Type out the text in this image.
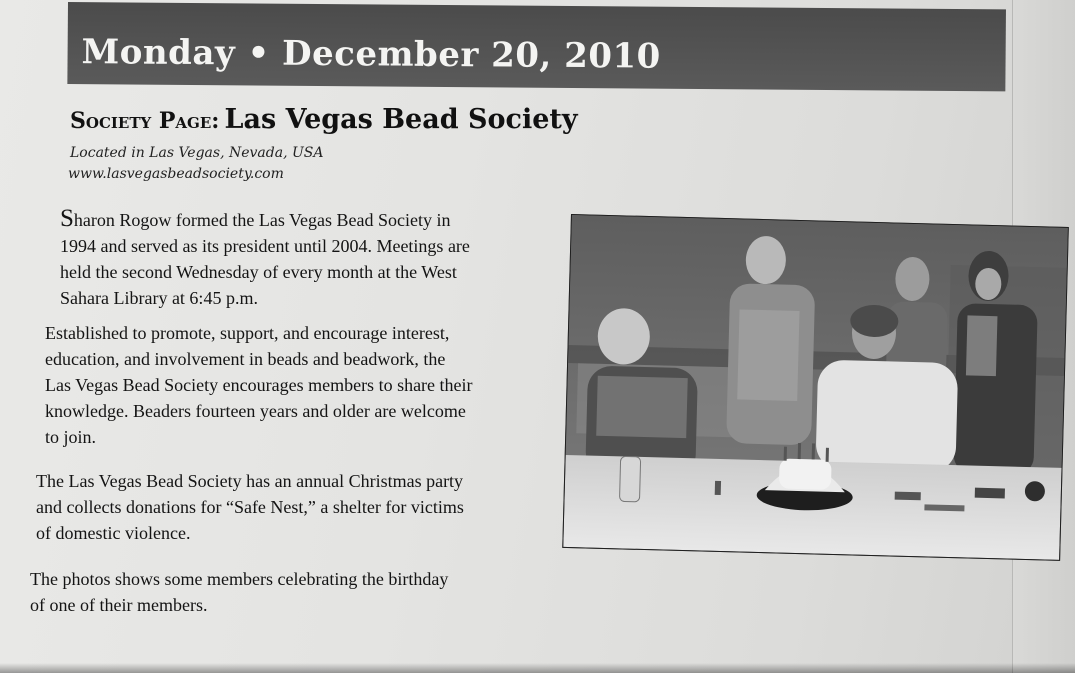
Monday • December 20, 2010
Society Page: Las Vegas Bead Society
Located in Las Vegas, Nevada, USA
www.lasvegasbeadsociety.com
Sharon Rogow formed the Las Vegas Bead Society in
1994 and served as its president until 2004. Meetings are
held the second Wednesday of every month at the West
Sahara Library at 6:45 p.m.
Established to promote, support, and encourage interest,
education, and involvement in beads and beadwork, the
Las Vegas Bead Society encourages members to share their
knowledge. Beaders fourteen years and older are welcome
to join.
The Las Vegas Bead Society has an annual Christmas party
and collects donations for “Safe Nest,” a shelter for victims
of domestic violence.
The photos shows some members celebrating the birthday
of one of their members.
